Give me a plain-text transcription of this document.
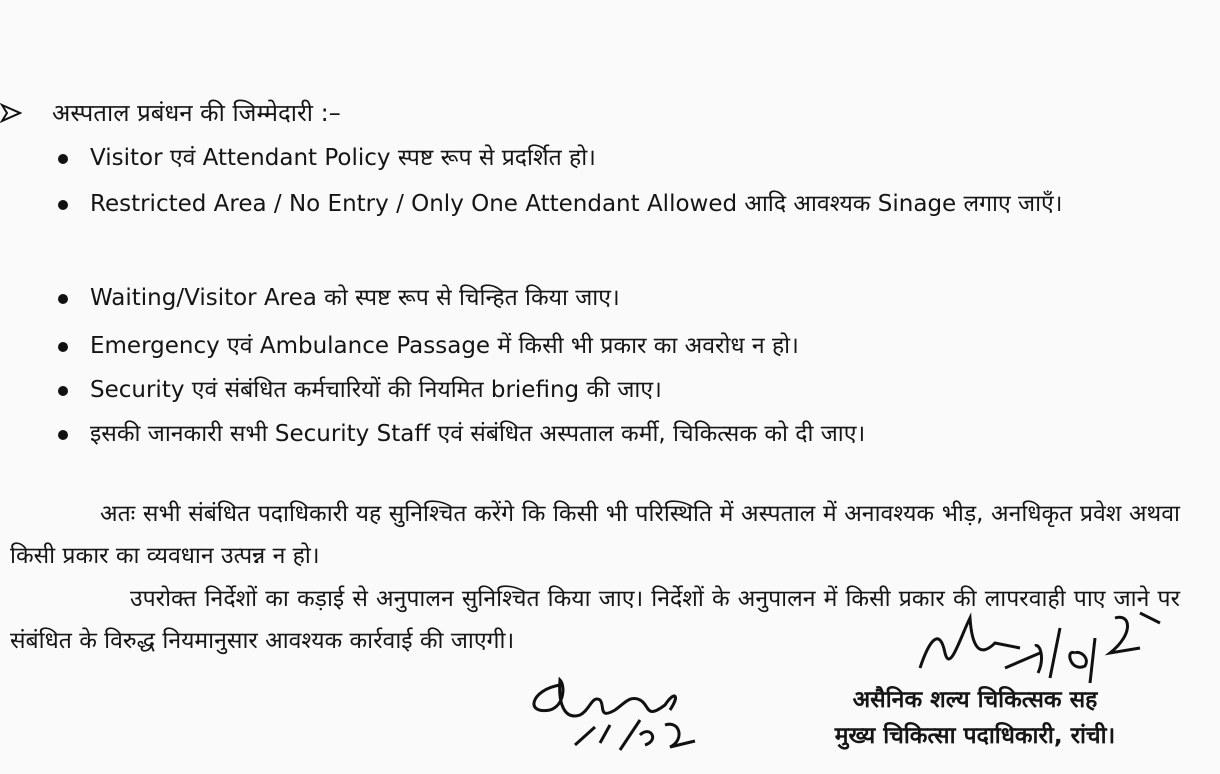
अस्पताल प्रबंधन की जिम्मेदारी :–
Visitor एवं Attendant Policy स्पष्ट रूप से प्रदर्शित हो।
Restricted Area / No Entry / Only One Attendant Allowed आदि आवश्यक Sinage लगाए जाएँ।
Waiting/Visitor Area को स्पष्ट रूप से चिन्हित किया जाए।
Emergency एवं Ambulance Passage में किसी भी प्रकार का अवरोध न हो।
Security एवं संबंधित कर्मचारियों की नियमित briefing की जाए।
इसकी जानकारी सभी Security Staff एवं संबंधित अस्पताल कर्मी, चिकित्सक को दी जाए।

अतः सभी संबंधित पदाधिकारी यह सुनिश्चित करेंगे कि किसी भी परिस्थिति में अस्पताल में अनावश्यक भीड़, अनधिकृत प्रवेश अथवा किसी प्रकार का व्यवधान उत्पन्न न हो।

उपरोक्त निर्देशों का कड़ाई से अनुपालन सुनिश्चित किया जाए। निर्देशों के अनुपालन में किसी प्रकार की लापरवाही पाए जाने पर संबंधित के विरुद्ध नियमानुसार आवश्यक कार्रवाई की जाएगी।

असैनिक शल्य चिकित्सक सह
मुख्य चिकित्सा पदाधिकारी, रांची।
